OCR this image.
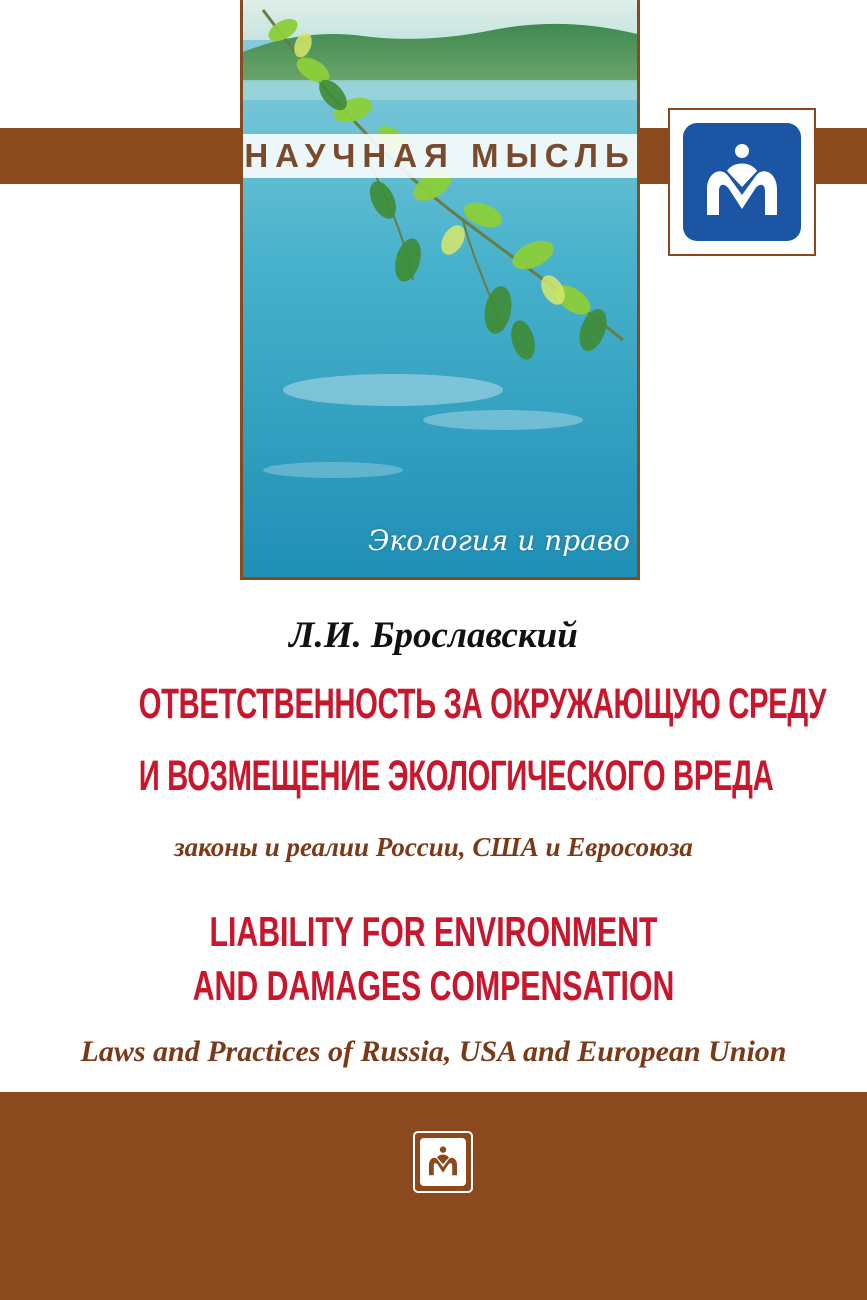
НАУЧНАЯ МЫСЛЬ
Экология и право
Л.И. Брославский
ОТВЕТСТВЕННОСТЬ ЗА ОКРУЖАЮЩУЮ СРЕДУ
И ВОЗМЕЩЕНИЕ ЭКОЛОГИЧЕСКОГО ВРЕДА
законы и реалии России, США и Евросоюза
LIABILITY FOR ENVIRONMENT
AND DAMAGES COMPENSATION
Laws and Practices of Russia, USA and European Union
